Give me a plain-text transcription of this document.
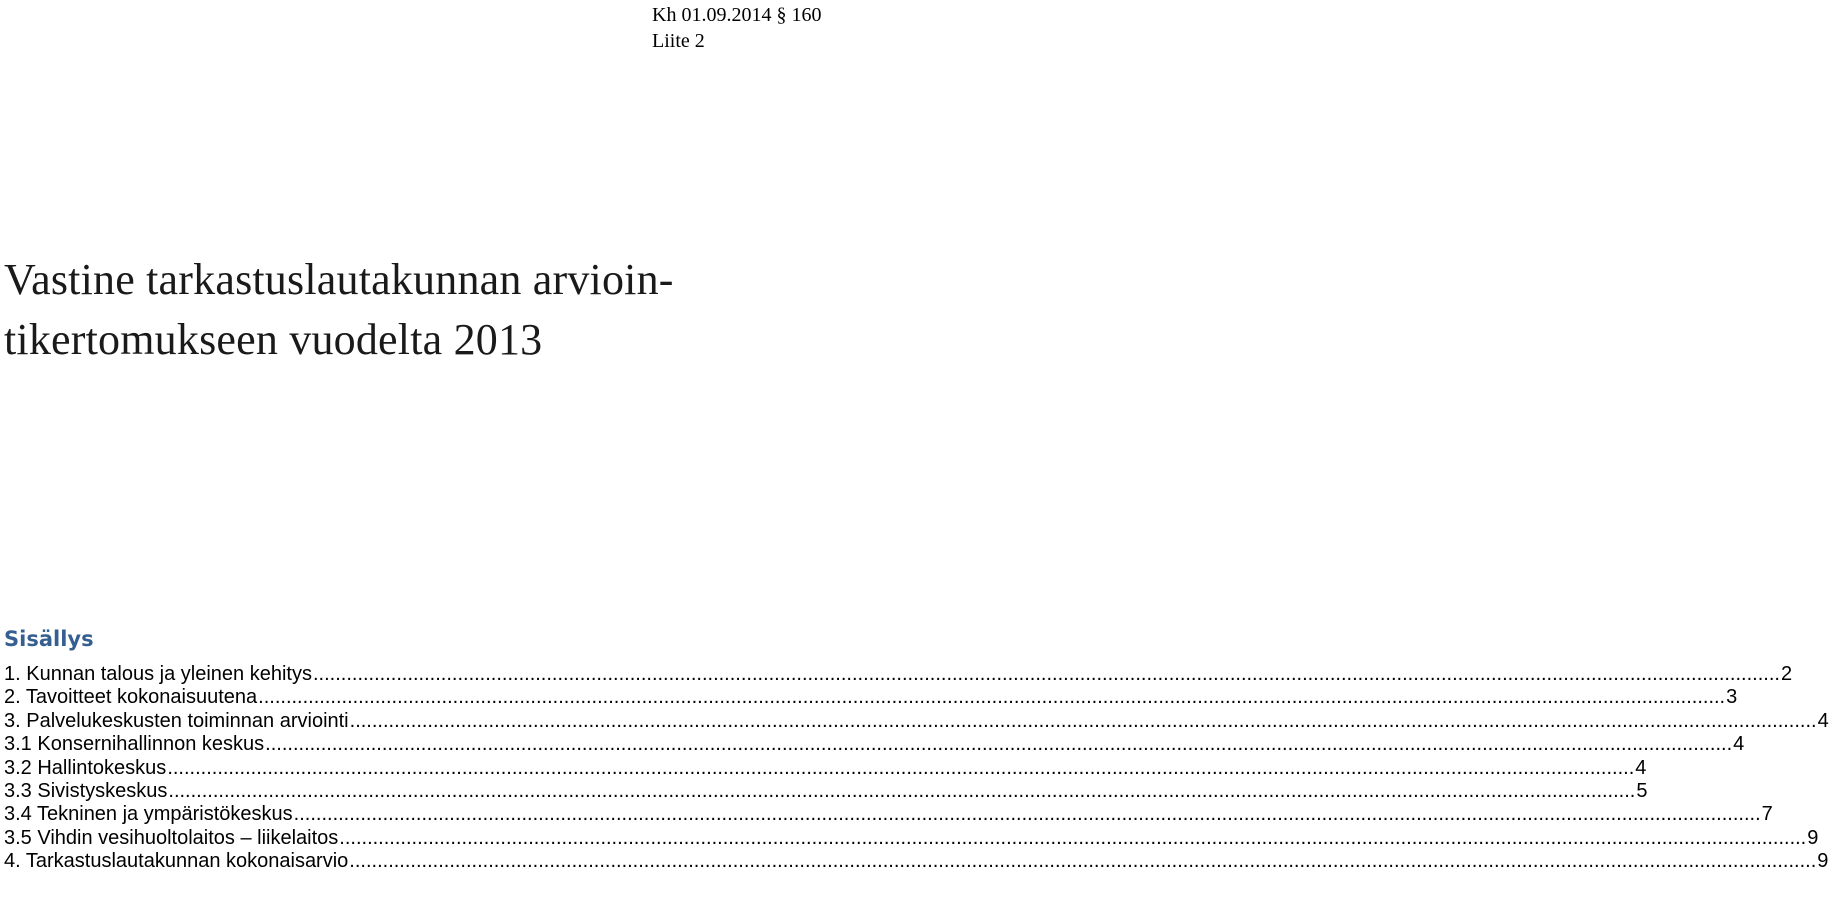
Kh 01.09.2014 § 160
Liite 2
Vastine tarkastuslautakunnan arvioin-
tikertomukseen vuodelta 2013
Sisällys
1. Kunnan talous ja yleinen kehitys .....	2
2. Tavoitteet kokonaisuutena .....	3
3. Palvelukeskusten toiminnan arviointi .....	4
3.1 Konsernihallinnon keskus .....	4
3.2 Hallintokeskus .....	4
3.3 Sivistyskeskus .....	5
3.4 Tekninen ja ympäristökeskus .....	7
3.5 Vihdin vesihuoltolaitos – liikelaitos .....	9
4. Tarkastuslautakunnan kokonaisarvio .....	9
